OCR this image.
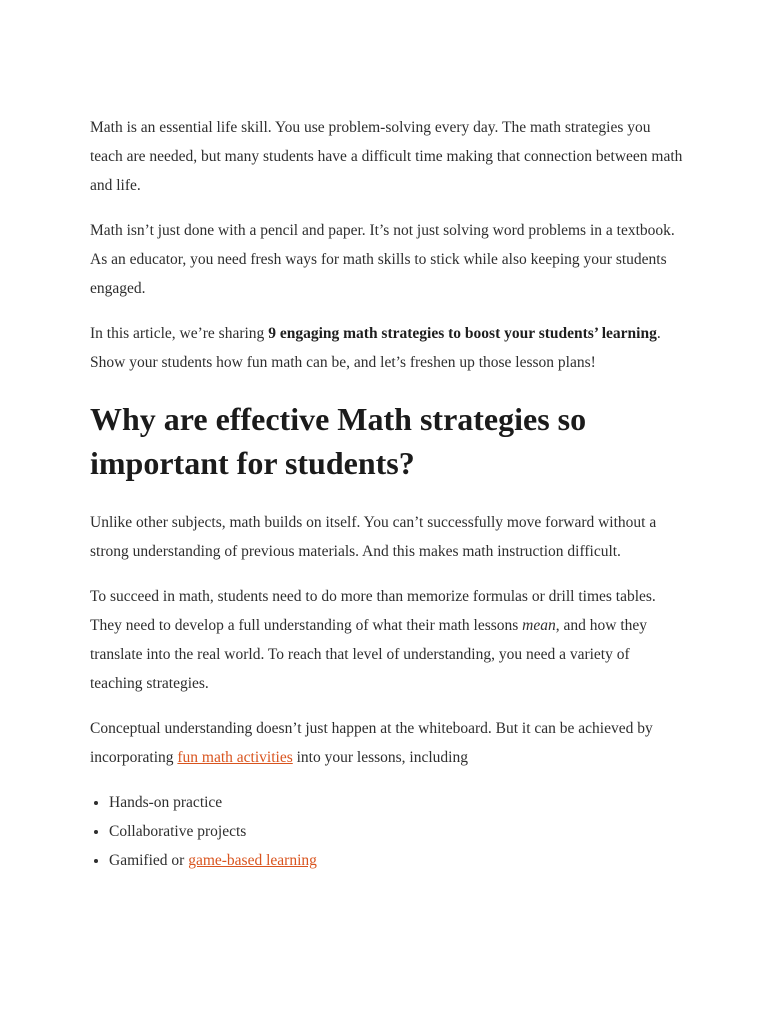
Math is an essential life skill. You use problem-solving every day. The math strategies you teach are needed, but many students have a difficult time making that connection between math and life.

Math isn’t just done with a pencil and paper. It’s not just solving word problems in a textbook. As an educator, you need fresh ways for math skills to stick while also keeping your students engaged.

In this article, we’re sharing 9 engaging math strategies to boost your students’ learning. Show your students how fun math can be, and let’s freshen up those lesson plans!

Why are effective Math strategies so important for students?

Unlike other subjects, math builds on itself. You can’t successfully move forward without a strong understanding of previous materials. And this makes math instruction difficult.

To succeed in math, students need to do more than memorize formulas or drill times tables. They need to develop a full understanding of what their math lessons mean, and how they translate into the real world. To reach that level of understanding, you need a variety of teaching strategies.

Conceptual understanding doesn’t just happen at the whiteboard. But it can be achieved by incorporating fun math activities into your lessons, including

• Hands-on practice
• Collaborative projects
• Gamified or game-based learning
